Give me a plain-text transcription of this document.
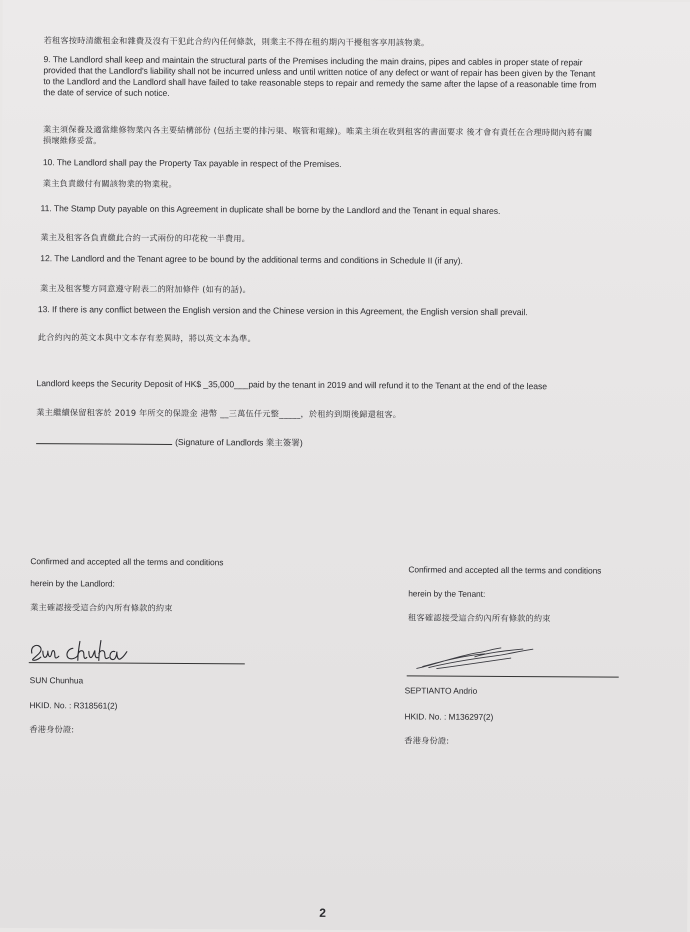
若租客按時清繳租金和雜費及沒有干犯此合約內任何條款，則業主不得在租約期內干擾租客享用該物業。

9. The Landlord shall keep and maintain the structural parts of the Premises including the main drains, pipes and cables in proper state of repair

provided that the Landlord's liability shall not be incurred unless and until written notice of any defect or want of repair has been given by the Tenant

to the Landlord and the Landlord shall have failed to take reasonable steps to repair and remedy the same after the lapse of a reasonable time from

the date of service of such notice.

業主須保養及適當維修物業內各主要結構部份 (包括主要的排污渠、喉管和電線)。唯業主須在收到租客的書面要求 後才會有責任在合理時間內將有關

損壞維修妥當。

10. The Landlord shall pay the Property Tax payable in respect of the Premises.

業主負責繳付有關該物業的物業稅。

11. The Stamp Duty payable on this Agreement in duplicate shall be borne by the Landlord and the Tenant in equal shares.

業主及租客各負責繳此合約一式兩份的印花稅一半費用。

12. The Landlord and the Tenant agree to be bound by the additional terms and conditions in Schedule II (if any).

業主及租客雙方同意遵守附表二的附加條件 (如有的話)。

13. If there is any conflict between the English version and the Chinese version in this Agreement, the English version shall prevail.

此合約內的英文本與中文本存有差異時，將以英文本為準。

Landlord keeps the Security Deposit of HK$ _35,000___paid by the tenant in 2019 and will refund it to the Tenant at the end of the lease

業主繼續保留租客於 2019 年所交的保證金 港幣 __三萬伍仟元整_____，於租約到期後歸還租客。

(Signature of Landlords 業主簽署)

Confirmed and accepted all the terms and conditions

herein by the Landlord:

業主確認接受這合約內所有條款的約束

SUN Chunhua

HKID. No. : R318561(2)

香港身份證:

Confirmed and accepted all the terms and conditions

herein by the Tenant:

租客確認接受這合約內所有條款的約束

SEPTIANTO Andrio

HKID. No. : M136297(2)

香港身份證:

2
